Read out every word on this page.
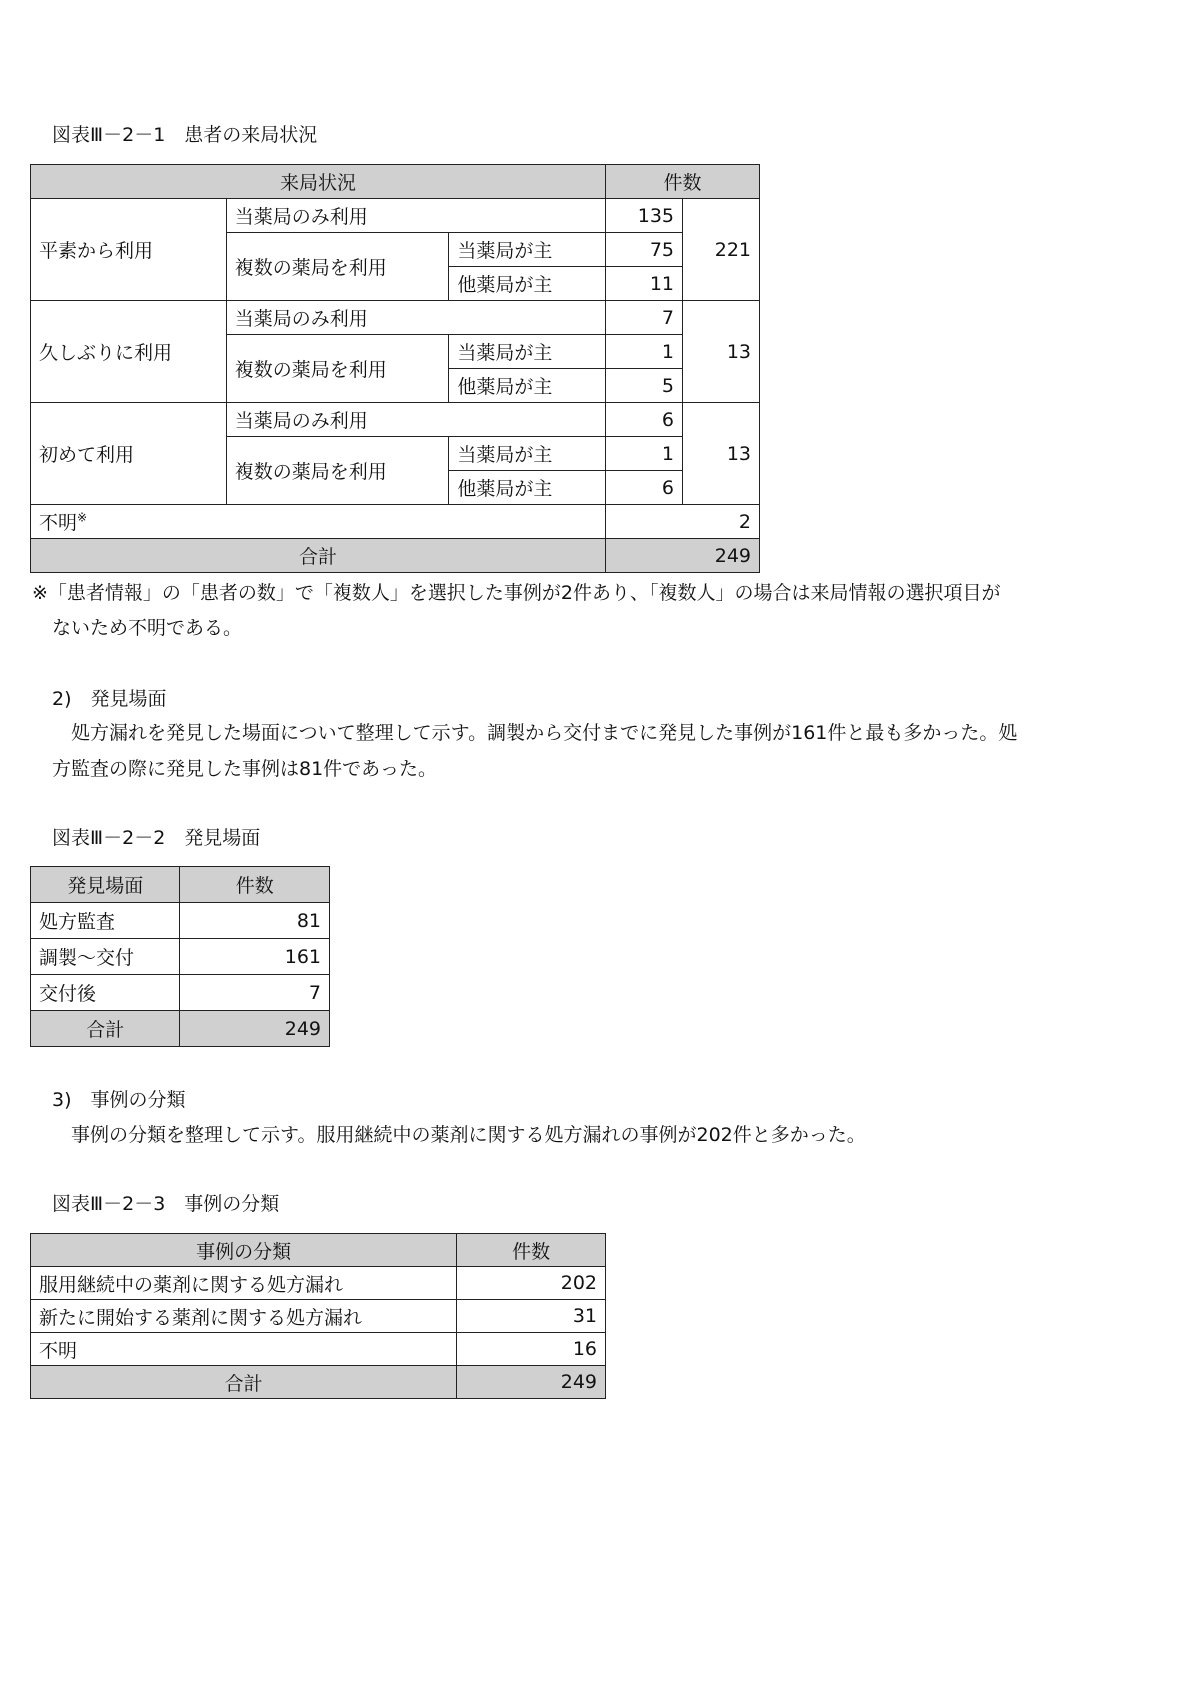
図表Ⅲ－2－1　患者の来局状況
来局状況			件数	
平素から利用	当薬局のみ利用		135	221
	複数の薬局を利用	当薬局が主	75	
		他薬局が主	11	
久しぶりに利用	当薬局のみ利用		7	13
	複数の薬局を利用	当薬局が主	1	
		他薬局が主	5	
初めて利用	当薬局のみ利用		6	13
	複数の薬局を利用	当薬局が主	1	
		他薬局が主	6	
不明※			2	
合計			249	
※「患者情報」の「患者の数」で「複数人」を選択した事例が2件あり、「複数人」の場合は来局情報の選択項目が
ないため不明である。
2)　発見場面
　処方漏れを発見した場面について整理して示す。調製から交付までに発見した事例が161件と最も多かった。処
方監査の際に発見した事例は81件であった。
図表Ⅲ－2－2　発見場面
発見場面	件数
処方監査	81
調製～交付	161
交付後	7
合計	249
3)　事例の分類
　事例の分類を整理して示す。服用継続中の薬剤に関する処方漏れの事例が202件と多かった。
図表Ⅲ－2－3　事例の分類
事例の分類	件数
服用継続中の薬剤に関する処方漏れ	202
新たに開始する薬剤に関する処方漏れ	31
不明	16
合計	249
